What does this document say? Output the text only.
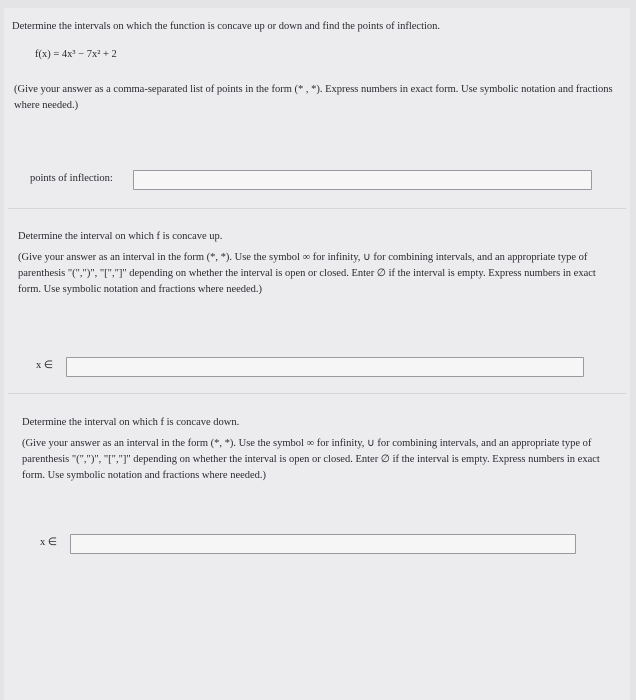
Determine the intervals on which the function is concave up or down and find the points of inflection.
f(x) = 4x³ − 7x² + 2
(Give your answer as a comma-separated list of points in the form (* , *). Express numbers in exact form. Use symbolic notation and fractions where needed.)
points of inflection:
Determine the interval on which f is concave up.
(Give your answer as an interval in the form (*, *). Use the symbol ∞ for infinity, ∪ for combining intervals, and an appropriate type of parenthesis "(",")", "[","]" depending on whether the interval is open or closed. Enter ∅ if the interval is empty. Express numbers in exact form. Use symbolic notation and fractions where needed.)
x ∈
Determine the interval on which f is concave down.
(Give your answer as an interval in the form (*, *). Use the symbol ∞ for infinity, ∪ for combining intervals, and an appropriate type of parenthesis "(",")", "[","]" depending on whether the interval is open or closed. Enter ∅ if the interval is empty. Express numbers in exact form. Use symbolic notation and fractions where needed.)
x ∈
